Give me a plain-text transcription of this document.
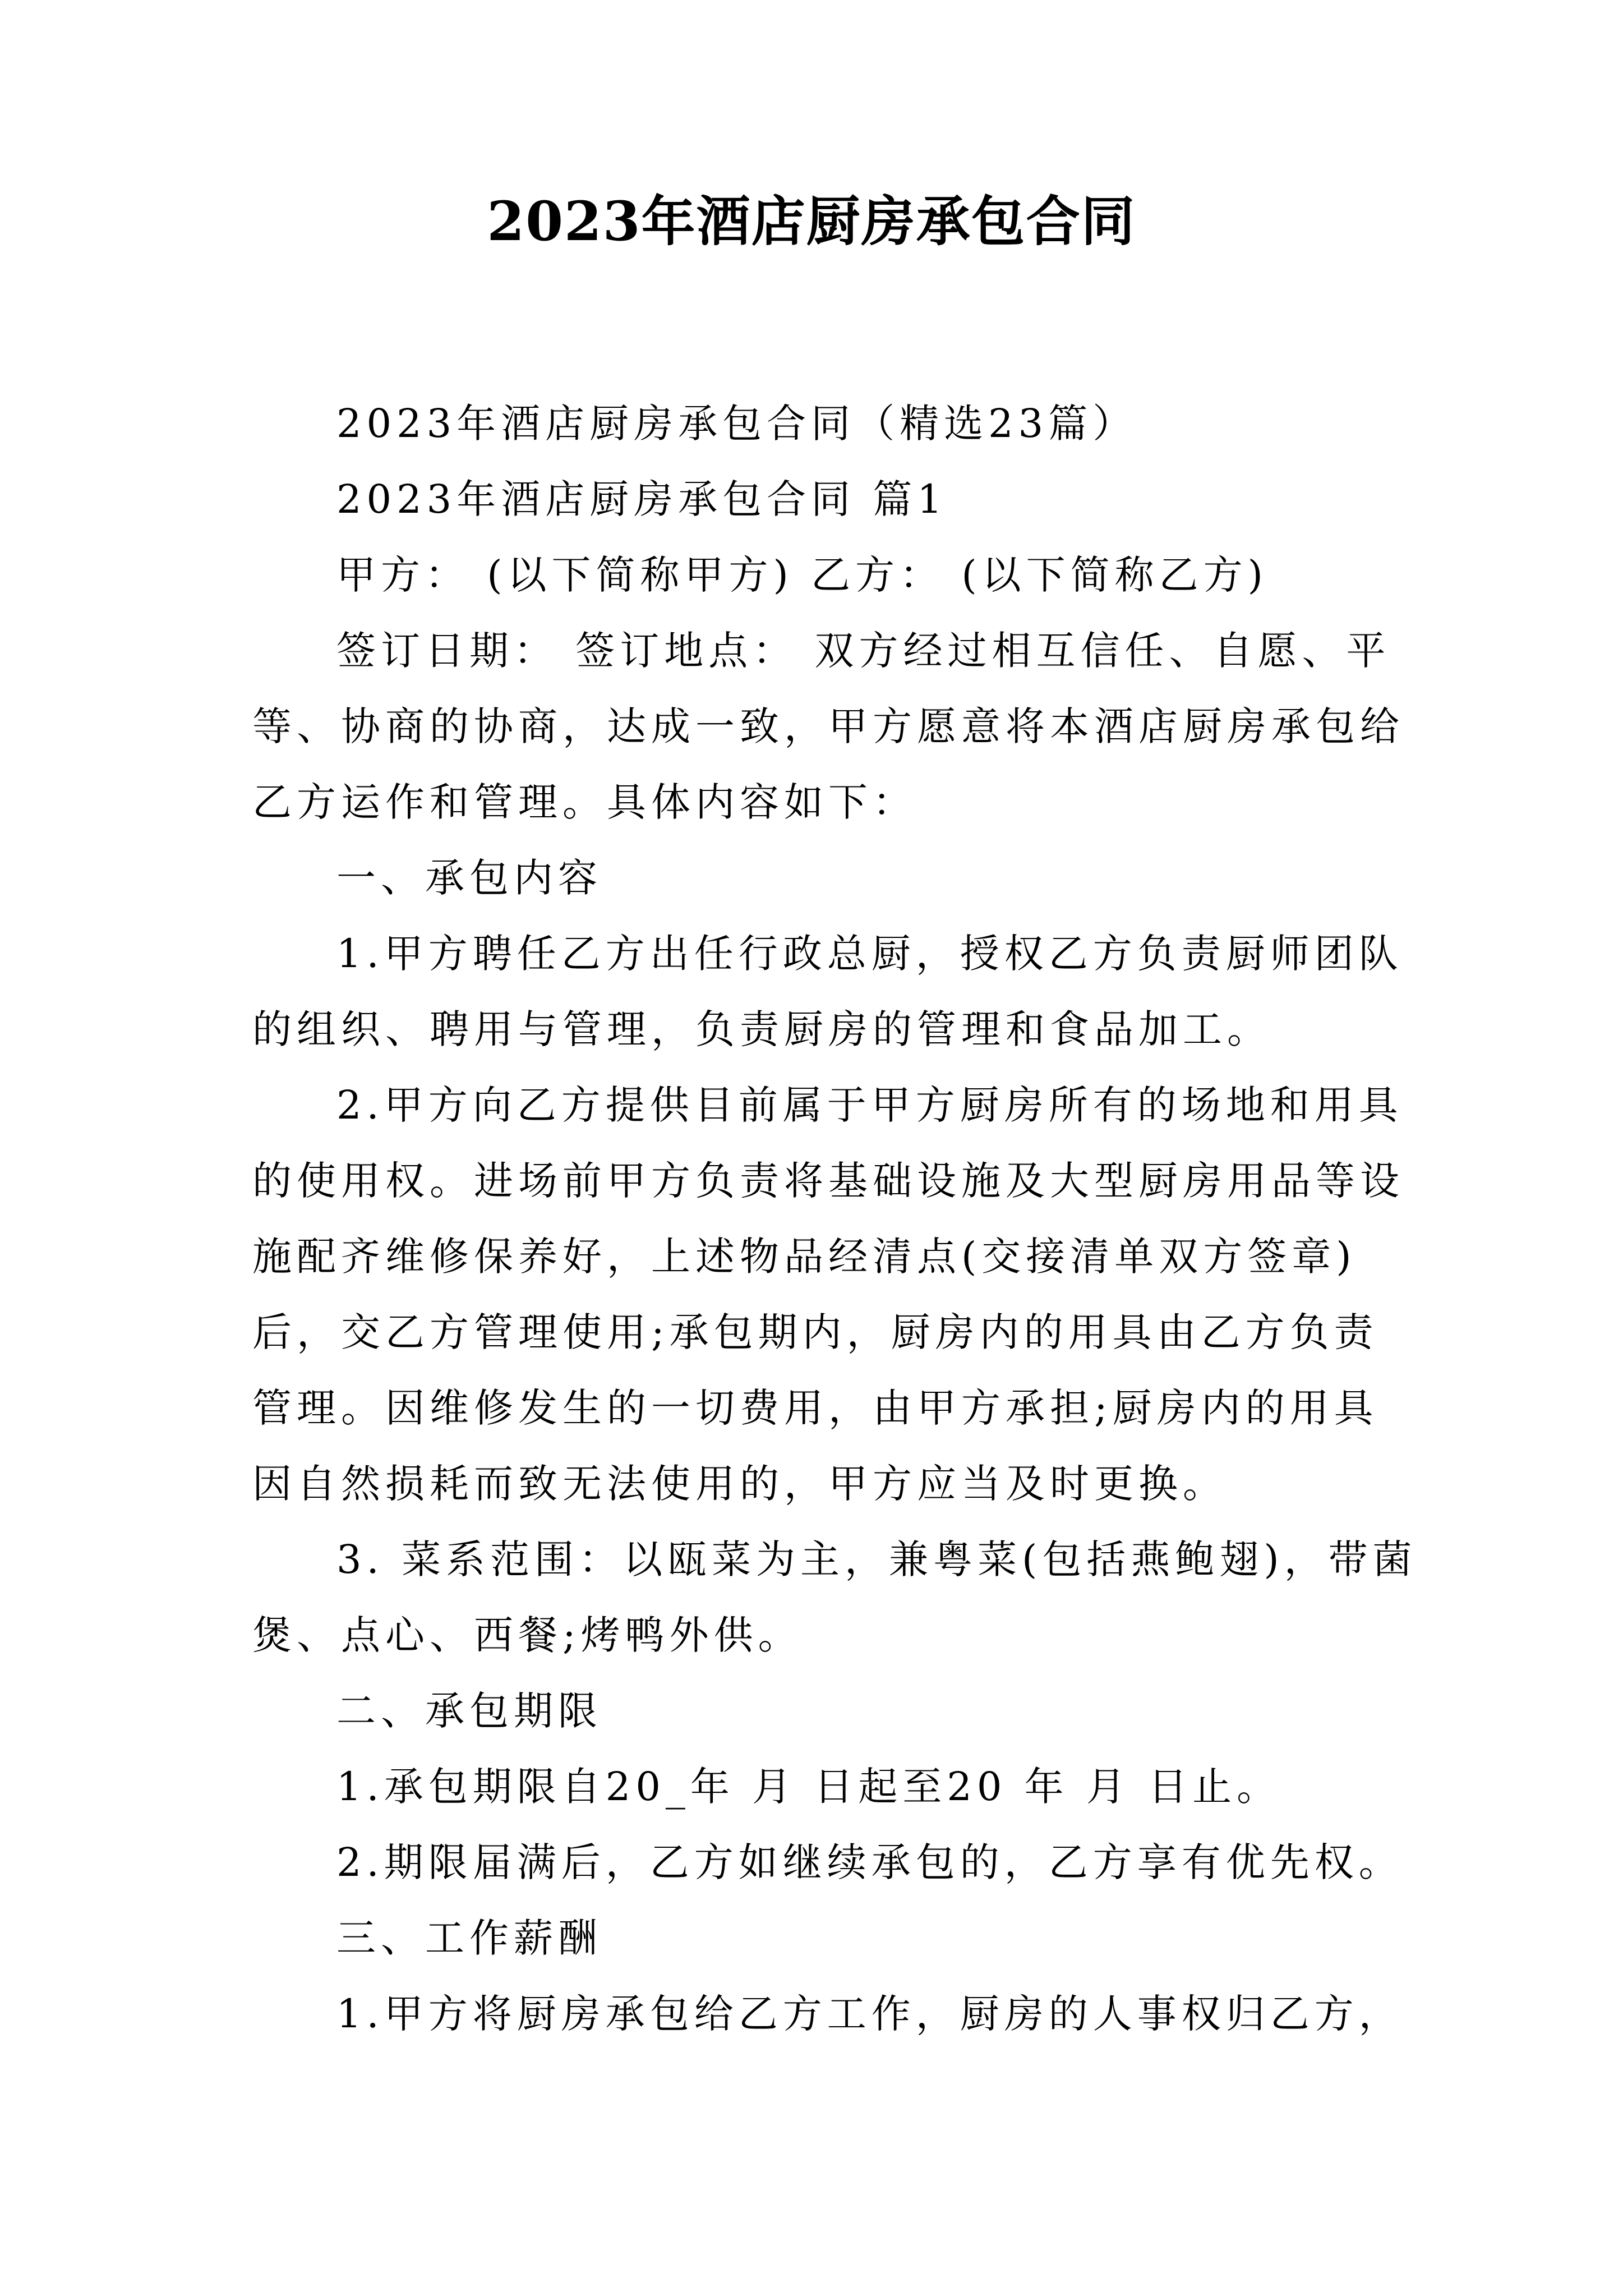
2023年酒店厨房承包合同

2023年酒店厨房承包合同（精选23篇）

2023年酒店厨房承包合同 篇1

甲方： (以下简称甲方) 乙方： (以下简称乙方)

签订日期： 签订地点： 双方经过相互信任、自愿、平等、协商的协商，达成一致，甲方愿意将本酒店厨房承包给乙方运作和管理。具体内容如下：

一、承包内容

1.甲方聘任乙方出任行政总厨，授权乙方负责厨师团队的组织、聘用与管理，负责厨房的管理和食品加工。

2.甲方向乙方提供目前属于甲方厨房所有的场地和用具的使用权。进场前甲方负责将基础设施及大型厨房用品等设施配齐维修保养好，上述物品经清点(交接清单双方签章)后，交乙方管理使用;承包期内，厨房内的用具由乙方负责管理。因维修发生的一切费用，由甲方承担;厨房内的用具因自然损耗而致无法使用的，甲方应当及时更换。

3. 菜系范围：以瓯菜为主，兼粤菜(包括燕鲍翅)，带菌煲、点心、西餐;烤鸭外供。

二、承包期限

1.承包期限自20_年 月 日起至20 年 月 日止。

2.期限届满后，乙方如继续承包的，乙方享有优先权。

三、工作薪酬

1.甲方将厨房承包给乙方工作，厨房的人事权归乙方，
